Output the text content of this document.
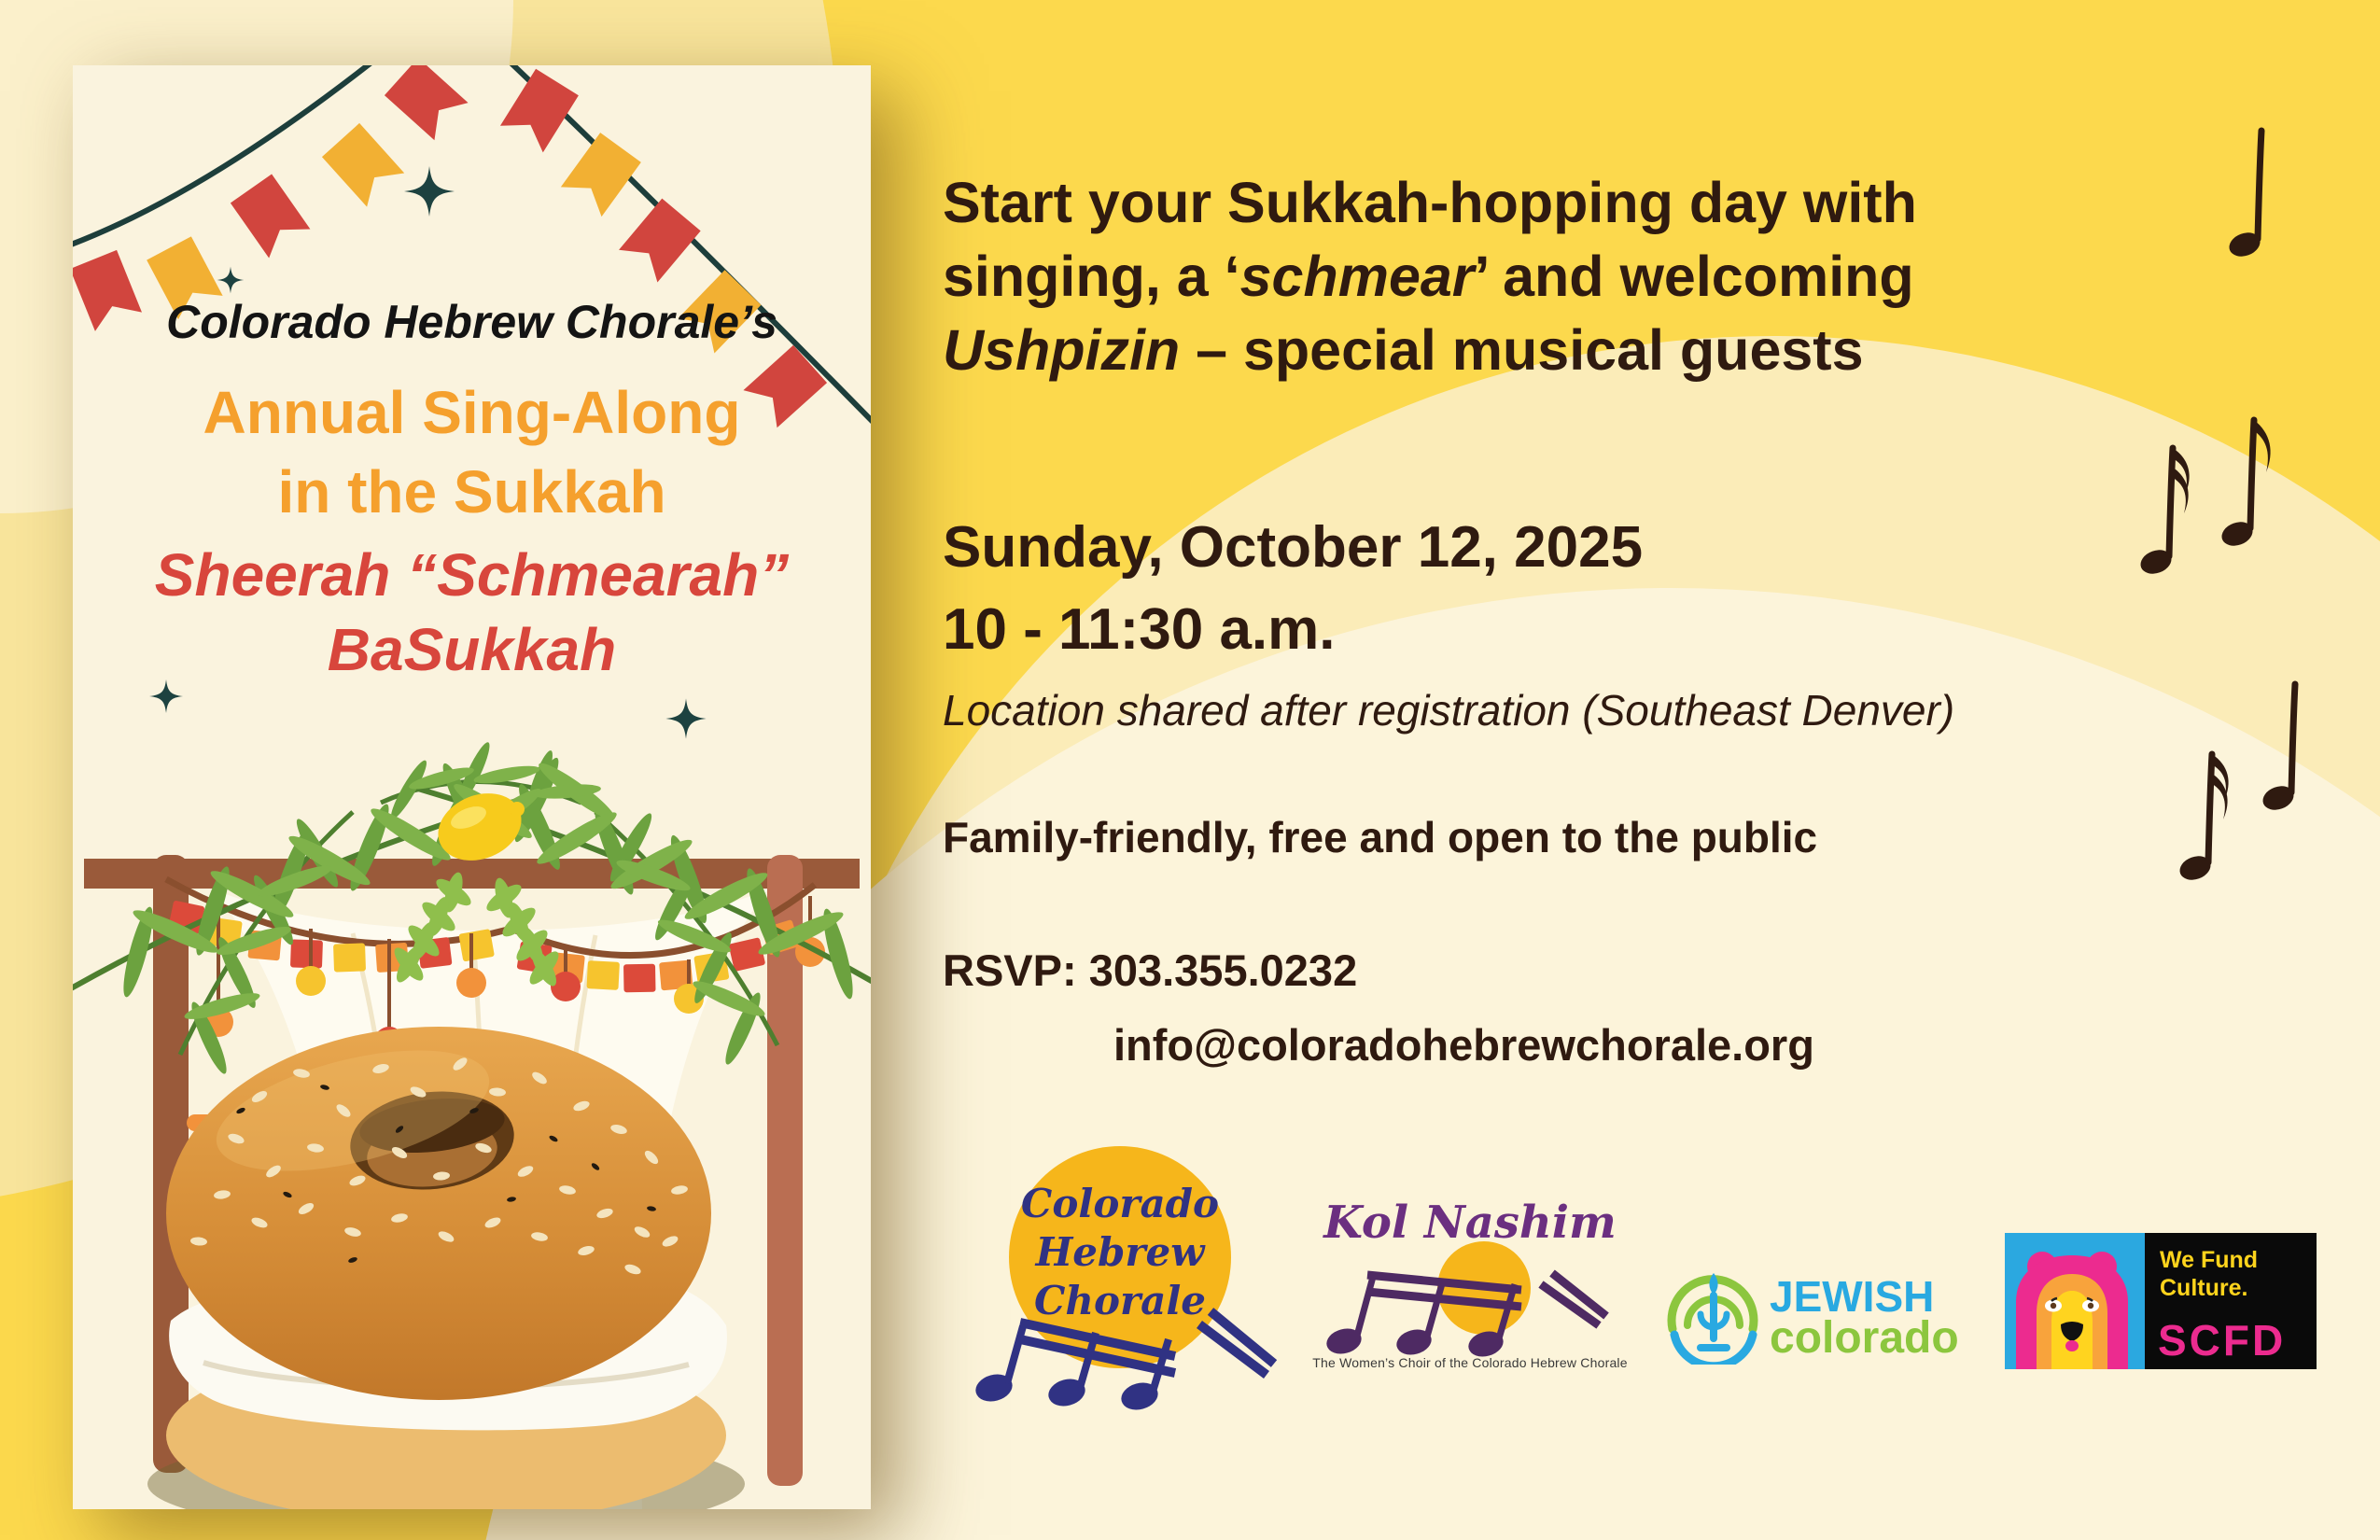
Colorado Hebrew Chorale’s
Annual Sing-Along
in the Sukkah
Sheerah “Schmearah”
BaSukkah
Start your Sukkah-hopping day with
singing, a ‘schmear’ and welcoming
Ushpizin – special musical guests
Sunday, October 12, 2025
10 - 11:30 a.m.
Location shared after registration (Southeast Denver)
Family-friendly, free and open to the public
RSVP: 303.355.0232
info@coloradohebrewchorale.org
Colorado
Hebrew
Chorale
Kol Nashim
The Women’s Choir of the Colorado Hebrew Chorale
JEWISH
colorado
We Fund
Culture.
SCFD
